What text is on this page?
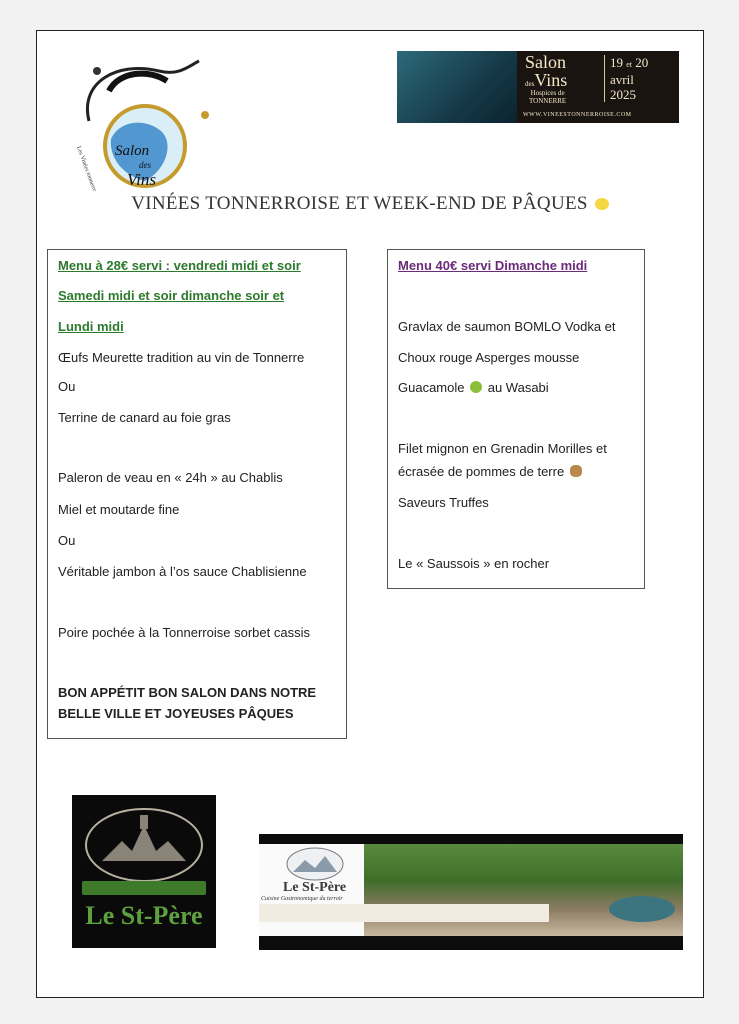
Salon
des
Vins
Les Vinées tonnerroises
Salon
desVins
19 et 20
avril
2025
Hospices de
TONNERRE
WWW.VINEESTONNERROISE.COM
VINÉES TONNERROISE ET WEEK-END DE PÂQUES

Menu à 28€ servi : vendredi midi et soir

Samedi midi et soir dimanche soir et

Lundi midi

Œufs Meurette tradition au vin de Tonnerre

Ou

Terrine de canard au foie gras

Paleron de veau en « 24h » au Chablis

Miel et moutarde fine

Ou

Véritable jambon à l’os sauce Chablisienne

Poire pochée à la Tonnerroise sorbet cassis

BON APPÉTIT BON SALON DANS NOTRE

BELLE VILLE ET JOYEUSES PÂQUES

Menu 40€ servi Dimanche midi

Gravlax de saumon BOMLO Vodka et

Choux rouge Asperges mousse

Guacamole au Wasabi

Filet mignon en Grenadin Morilles et

écrasée de pommes de terre

Saveurs Truffes

Le « Saussois » en rocher

Le St-Père
Le St-Père
Cuisine Gastronomique du terroir
